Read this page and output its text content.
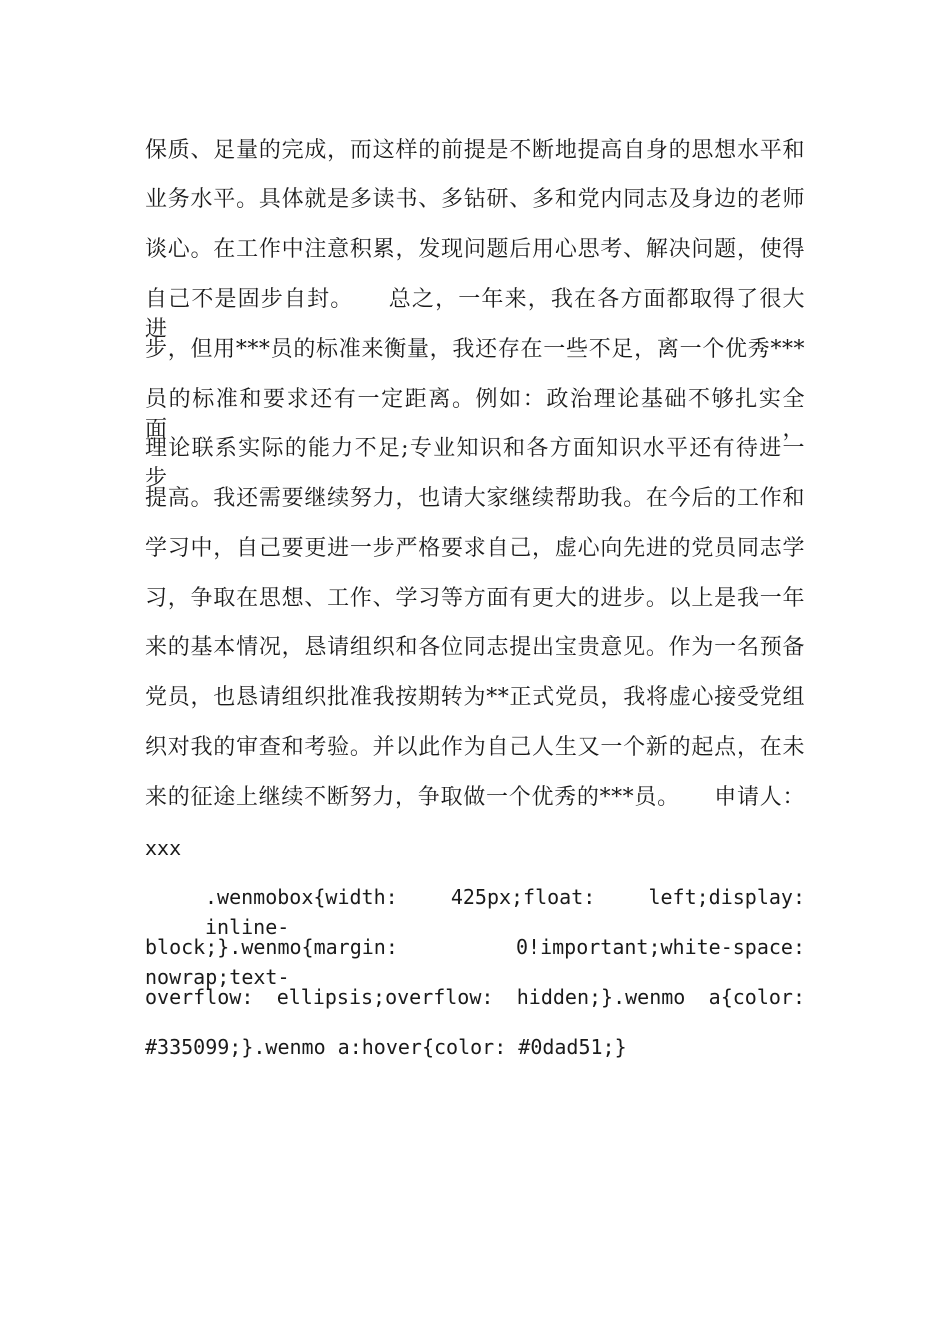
保质、足量的完成，而这样的前提是不断地提高自身的思想水平和
业务水平。具体就是多读书、多钻研、多和党内同志及身边的老师
谈心。在工作中注意积累，发现问题后用心思考、解决问题，使得
自己不是固步自封。　　总之，一年来，我在各方面都取得了很大进
步，但用***员的标准来衡量，我还存在一些不足，离一个优秀***
员的标准和要求还有一定距离。例如：政治理论基础不够扎实全面，
理论联系实际的能力不足;专业知识和各方面知识水平还有待进一步
提高。我还需要继续努力，也请大家继续帮助我。在今后的工作和
学习中，自己要更进一步严格要求自己，虚心向先进的党员同志学
习，争取在思想、工作、学习等方面有更大的进步。以上是我一年
来的基本情况，恳请组织和各位同志提出宝贵意见。作为一名预备
党员，也恳请组织批准我按期转为**正式党员，我将虚心接受党组
织对我的审查和考验。并以此作为自己人生又一个新的起点，在未
来的征途上继续不断努力，争取做一个优秀的***员。　　申请人：
xxx
.wenmobox{width: 425px;float: left;display: inline-
block;}.wenmo{margin: 0!important;white-space: nowrap;text-
overflow: ellipsis;overflow: hidden;}.wenmo a{color:
#335099;}.wenmo a:hover{color: #0dad51;}
